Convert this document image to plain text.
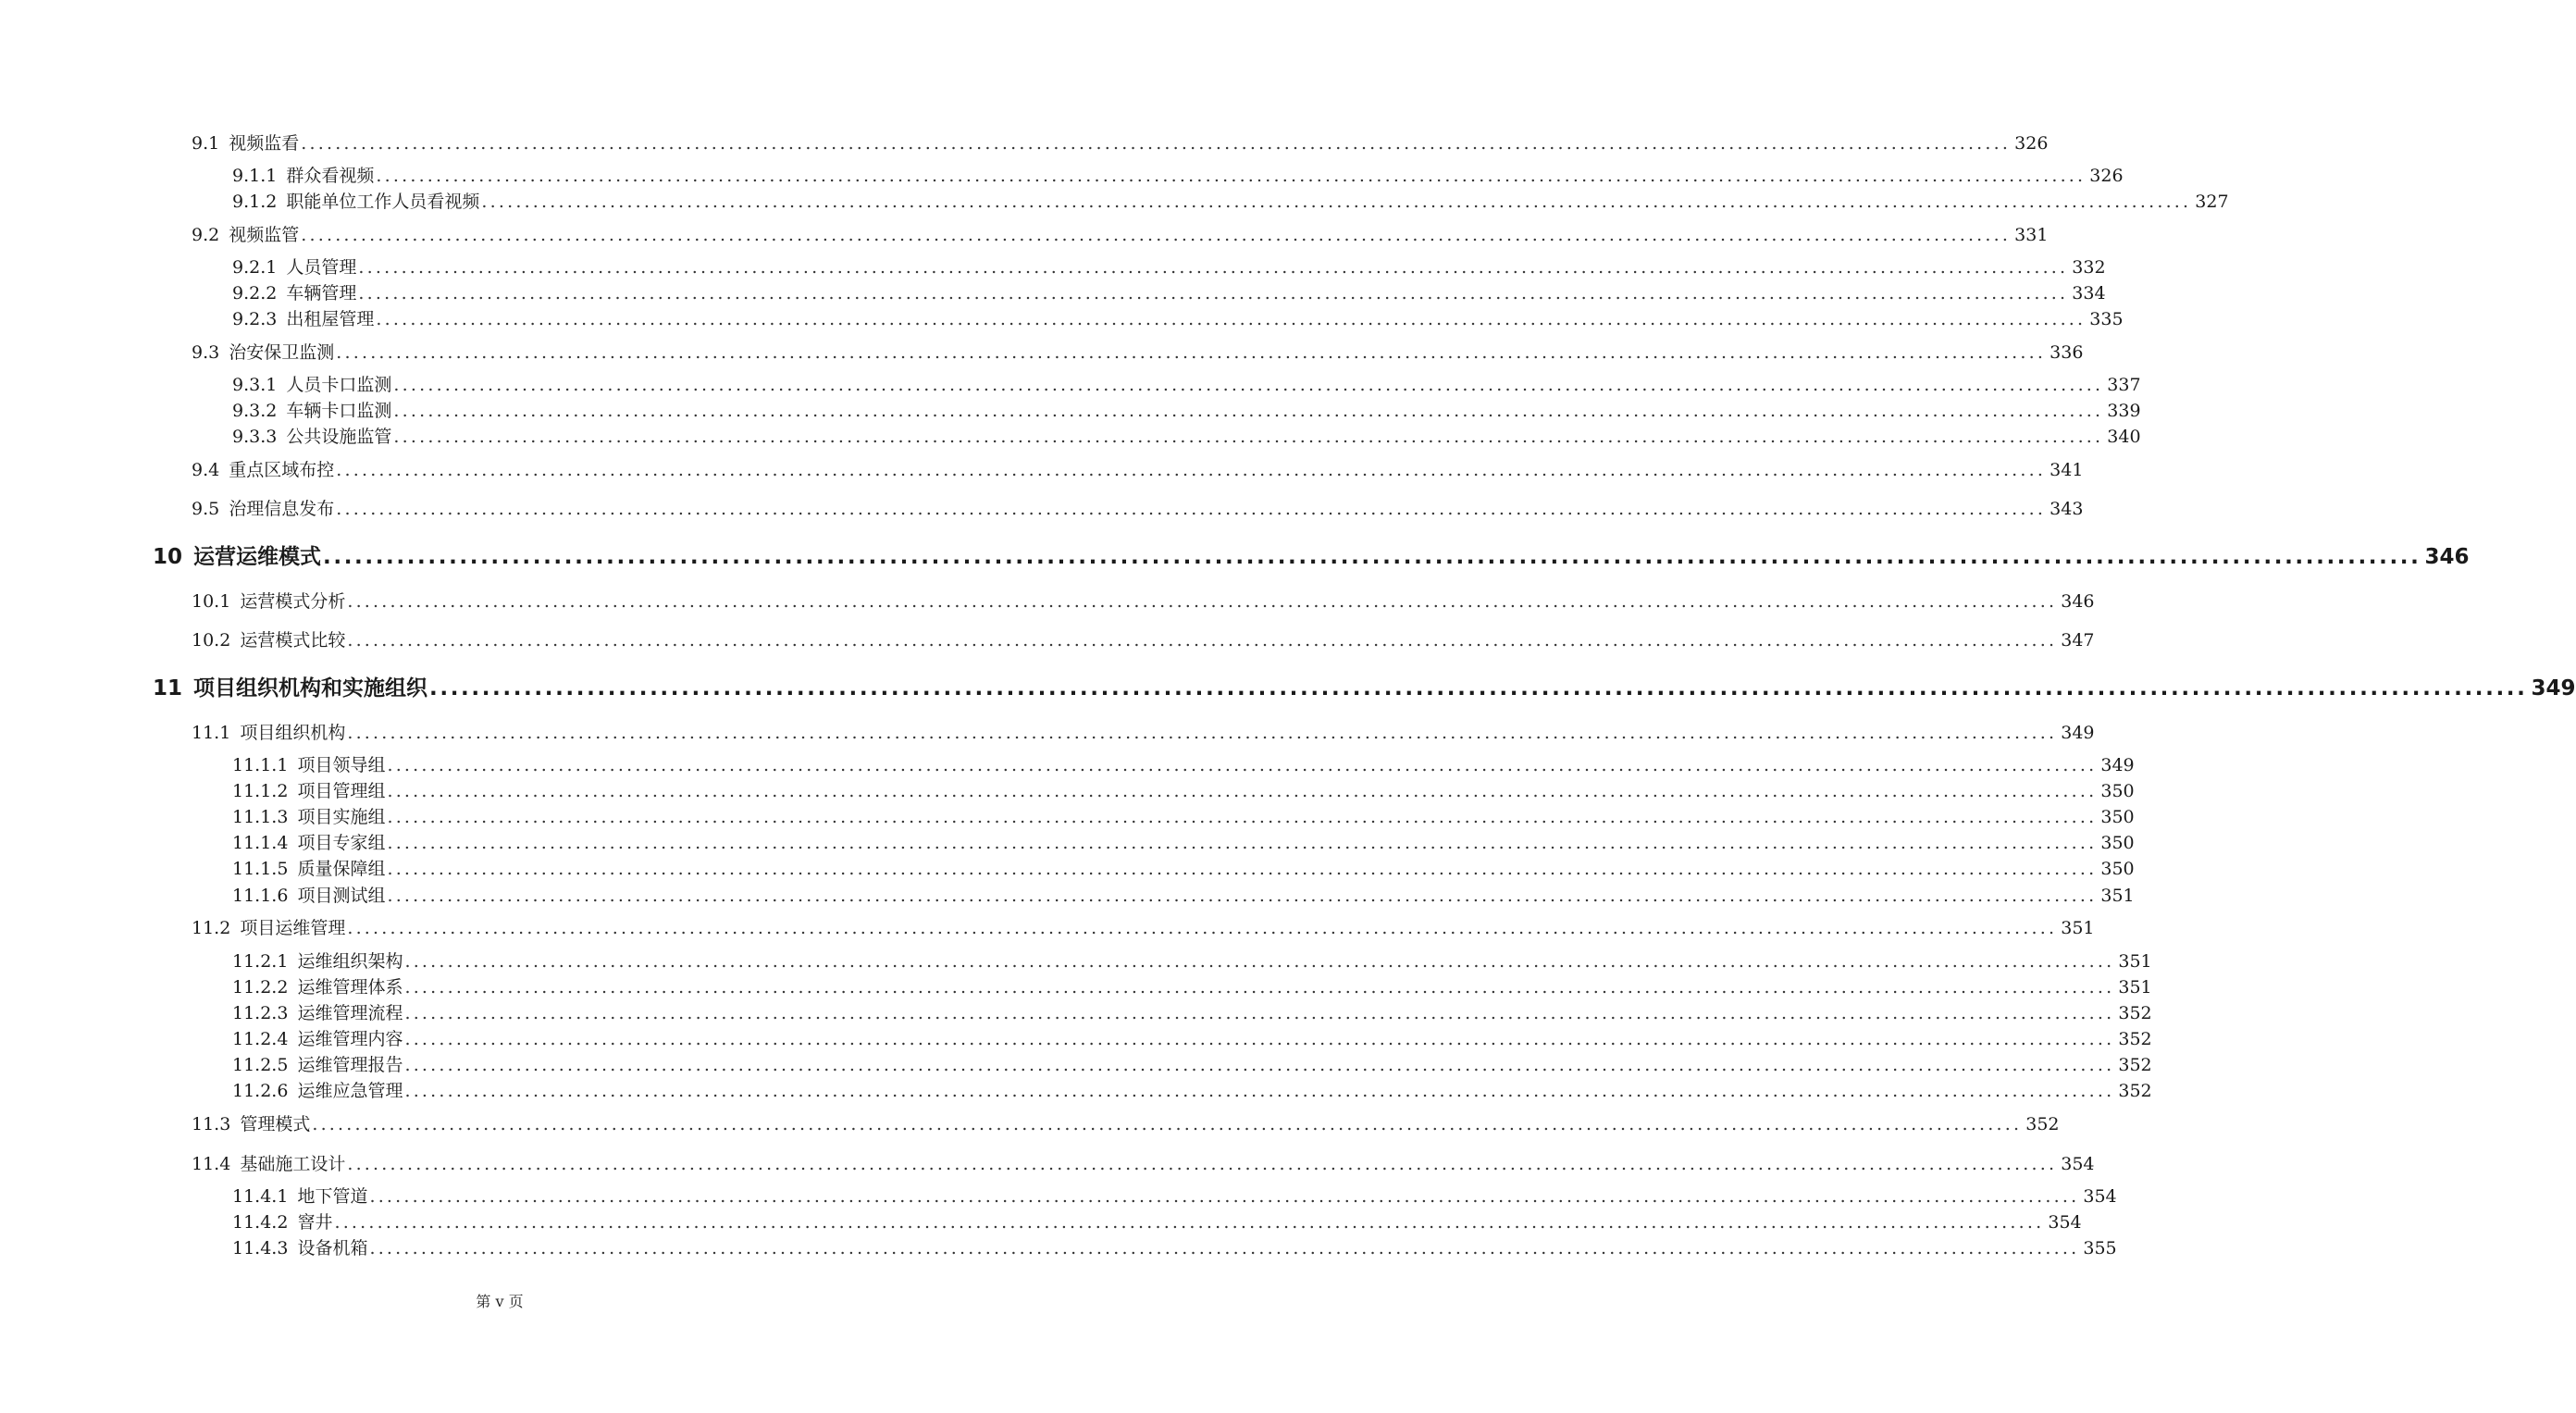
9.1 视频监看 ........................................................................................................................................................................................................ 326
9.1.1 群众看视频 ........................................................................................................................................................................................................ 326
9.1.2 职能单位工作人员看视频 ........................................................................................................................................................................................................ 327
9.2 视频监管 ........................................................................................................................................................................................................ 331
9.2.1 人员管理 ........................................................................................................................................................................................................ 332
9.2.2 车辆管理 ........................................................................................................................................................................................................ 334
9.2.3 出租屋管理 ........................................................................................................................................................................................................ 335
9.3 治安保卫监测 ........................................................................................................................................................................................................ 336
9.3.1 人员卡口监测 ........................................................................................................................................................................................................ 337
9.3.2 车辆卡口监测 ........................................................................................................................................................................................................ 339
9.3.3 公共设施监管 ........................................................................................................................................................................................................ 340
9.4 重点区域布控 ........................................................................................................................................................................................................ 341
9.5 治理信息发布 ........................................................................................................................................................................................................ 343
10 运营运维模式 ........................................................................................................................................................................................................ 346
10.1 运营模式分析 ........................................................................................................................................................................................................ 346
10.2 运营模式比较 ........................................................................................................................................................................................................ 347
11 项目组织机构和实施组织 ........................................................................................................................................................................................................ 349
11.1 项目组织机构 ........................................................................................................................................................................................................ 349
11.1.1 项目领导组 ........................................................................................................................................................................................................ 349
11.1.2 项目管理组 ........................................................................................................................................................................................................ 350
11.1.3 项目实施组 ........................................................................................................................................................................................................ 350
11.1.4 项目专家组 ........................................................................................................................................................................................................ 350
11.1.5 质量保障组 ........................................................................................................................................................................................................ 350
11.1.6 项目测试组 ........................................................................................................................................................................................................ 351
11.2 项目运维管理 ........................................................................................................................................................................................................ 351
11.2.1 运维组织架构 ........................................................................................................................................................................................................ 351
11.2.2 运维管理体系 ........................................................................................................................................................................................................ 351
11.2.3 运维管理流程 ........................................................................................................................................................................................................ 352
11.2.4 运维管理内容 ........................................................................................................................................................................................................ 352
11.2.5 运维管理报告 ........................................................................................................................................................................................................ 352
11.2.6 运维应急管理 ........................................................................................................................................................................................................ 352
11.3 管理模式 ........................................................................................................................................................................................................ 352
11.4 基础施工设计 ........................................................................................................................................................................................................ 354
11.4.1 地下管道 ........................................................................................................................................................................................................ 354
11.4.2 窨井 ........................................................................................................................................................................................................ 354
11.4.3 设备机箱 ........................................................................................................................................................................................................ 355
第 v 页
